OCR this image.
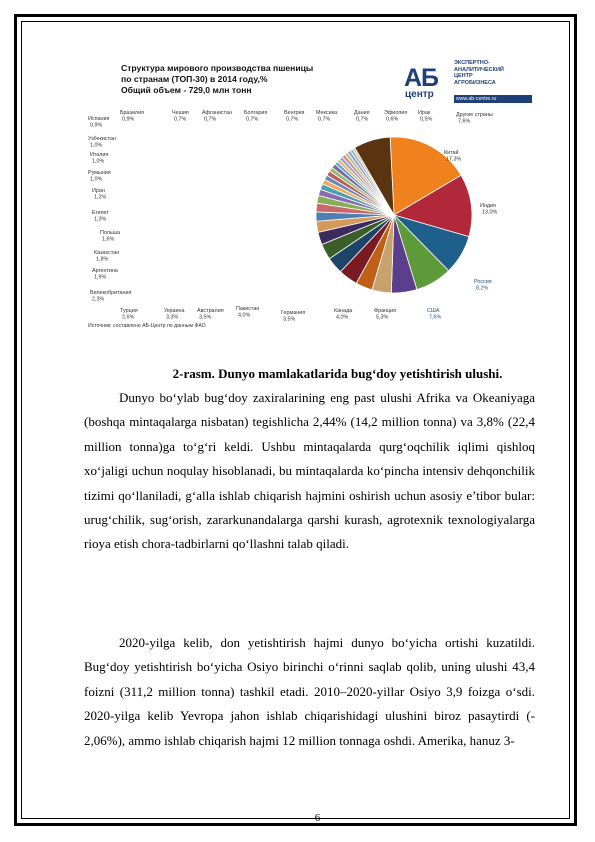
Структура мирового производства пшеницы
по странам (ТОП-30) в 2014 году,%
Общий объем - 729,0 млн тонн	АБ
центр
ЭКСПЕРТНО-
АНАЛИТИЧЕСКИЙ
ЦЕНТР
АГРОБИЗНЕСА
www.ab-centre.ru
Китай
17,3%
Индия
13,0%
Россия
8,2%
США
7,6%
Франция
5,3%
Канада
4,0%
Германия
3,5%
Пакистан
4,0%
Австралия
3,5%
Украина
3,3%
Турция
2,6%
Великобритания
2,3%
Аргентина
1,9%
Казахстан
1,8%
Польша
1,6%
Египет
1,3%
Иран
1,2%
Румыния
1,0%
Италия
1,0%
Узбекистан
1,0%
Испания
0,9%
Бразилия
0,9%
Чешия
0,7%
Афганистан
0,7%
Болгария
0,7%
Венгрия
0,7%
Мексика
0,7%
Дания
0,7%
Эфиопия
0,6%
Ирак
0,5%
Другие страны
7,6%
Источник: составлено АБ-Центр по данным ФАО
2-rasm. Dunyo mamlakatlarida bug‘doy yetishtirish ulushi.
Dunyo bo‘ylab bug‘doy zaxiralarining eng past ulushi Afrika va Okeaniyaga (boshqa mintaqalarga nisbatan) tegishlicha 2,44% (14,2 million tonna) va 3,8% (22,4 million tonna)ga to‘g‘ri keldi. Ushbu mintaqalarda qurg‘oqchilik iqlimi qishloq xo‘jaligi uchun noqulay hisoblanadi, bu mintaqalarda ko‘pincha intensiv dehqonchilik tizimi qo‘llaniladi, g‘alla ishlab chiqarish hajmini oshirish uchun asosiy e’tibor bular: urug‘chilik, sug‘orish, zararkunandalarga qarshi kurash, agrotexnik texnologiyalarga rioya etish chora-tadbirlarni qo‘llashni talab qiladi.
2020-yilga kelib, don yetishtirish hajmi dunyo bo‘yicha ortishi kuzatildi. Bug‘doy yetishtirish bo‘yicha Osiyo birinchi o‘rinni saqlab qolib, uning ulushi 43,4 foizni (311,2 million tonna) tashkil etadi. 2010–2020-yillar Osiyo 3,9 foizga o‘sdi. 2020-yilga kelib Yevropa jahon ishlab chiqarishidagi ulushini biroz pasaytirdi (- 2,06%), ammo ishlab chiqarish hajmi 12 million tonnaga oshdi. Amerika, hanuz 3-
6
